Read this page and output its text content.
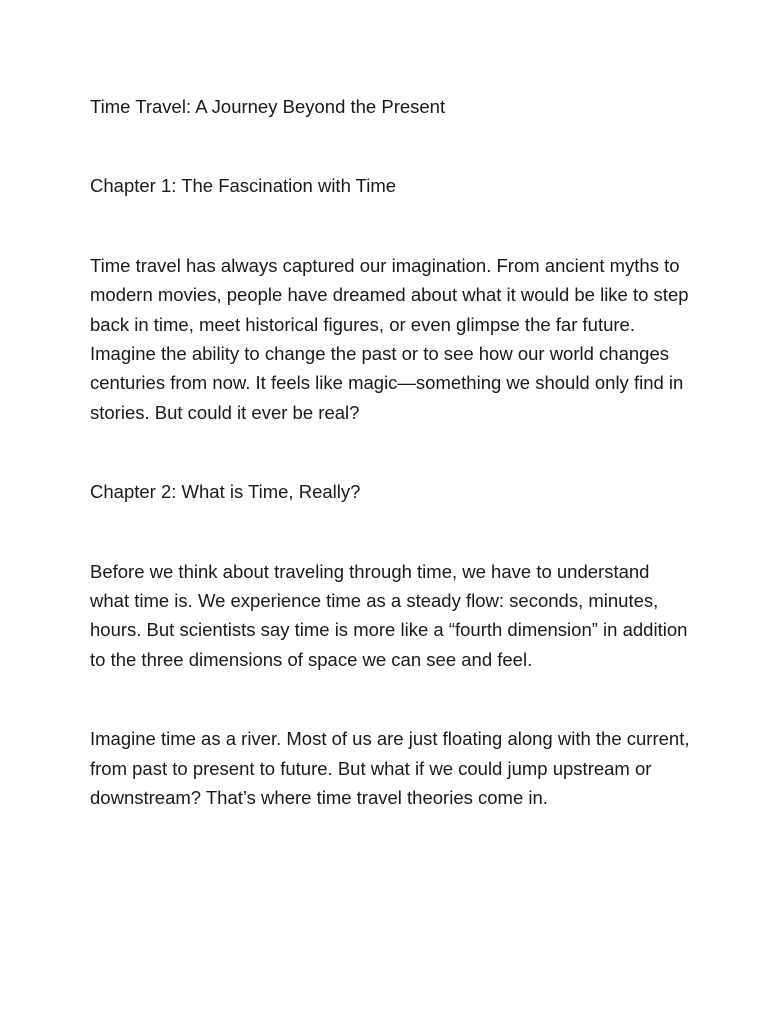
Time Travel: A Journey Beyond the Present

Chapter 1: The Fascination with Time

Time travel has always captured our imagination. From ancient myths to modern movies, people have dreamed about what it would be like to step back in time, meet historical figures, or even glimpse the far future. Imagine the ability to change the past or to see how our world changes centuries from now. It feels like magic—something we should only find in stories. But could it ever be real?

Chapter 2: What is Time, Really?

Before we think about traveling through time, we have to understand what time is. We experience time as a steady flow: seconds, minutes, hours. But scientists say time is more like a “fourth dimension” in addition to the three dimensions of space we can see and feel.

Imagine time as a river. Most of us are just floating along with the current, from past to present to future. But what if we could jump upstream or downstream? That’s where time travel theories come in.
